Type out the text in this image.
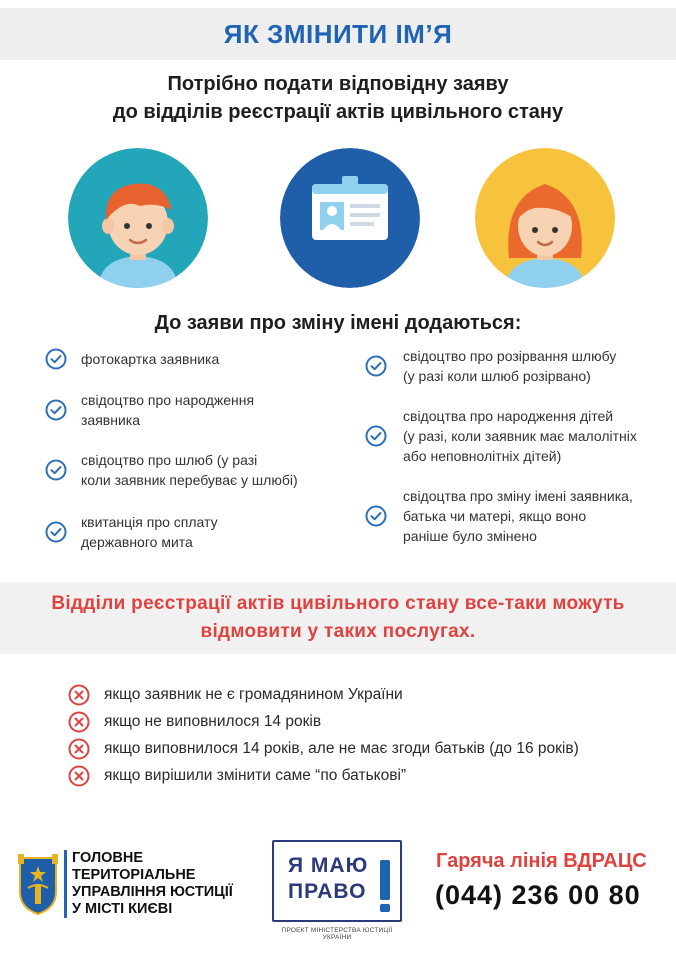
ЯК ЗМІНИТИ ІМ’Я
Потрібно подати відповідну заяву
до відділів реєстрації актів цивільного стану
До заяви про зміну імені додаються:
фотокартка заявника
свідоцтво про народження
заявника
свідоцтво про шлюб (у разі
коли заявник перебуває у шлюбі)
квитанція про сплату
державного мита
свідоцтво про розірвання шлюбу
(у разі коли шлюб розірвано)
свідоцтва про народження дітей
(у разі, коли заявник має малолітніх
або неповнолітніх дітей)
свідоцтва про зміну імені заявника,
батька чи матері, якщо воно
раніше було змінено
Відділи реєстрації актів цивільного стану все-таки можуть
відмовити у таких послугах.
якщо заявник не є громадянином України
якщо не виповнилося 14 років
якщо виповнилося 14 років, але не має згоди батьків (до 16 років)
якщо вирішили змінити саме “по батькові”
ГОЛОВНЕ ТЕРИТОРІАЛЬНЕ
УПРАВЛІННЯ ЮСТИЦІЇ
У МІСТІ КИЄВІ
Я МАЮ
ПРАВО
ПРОЕКТ МІНІСТЕРСТВА ЮСТИЦІЇ УКРАЇНИ
Гаряча лінія ВДРАЦС
(044) 236 00 80
